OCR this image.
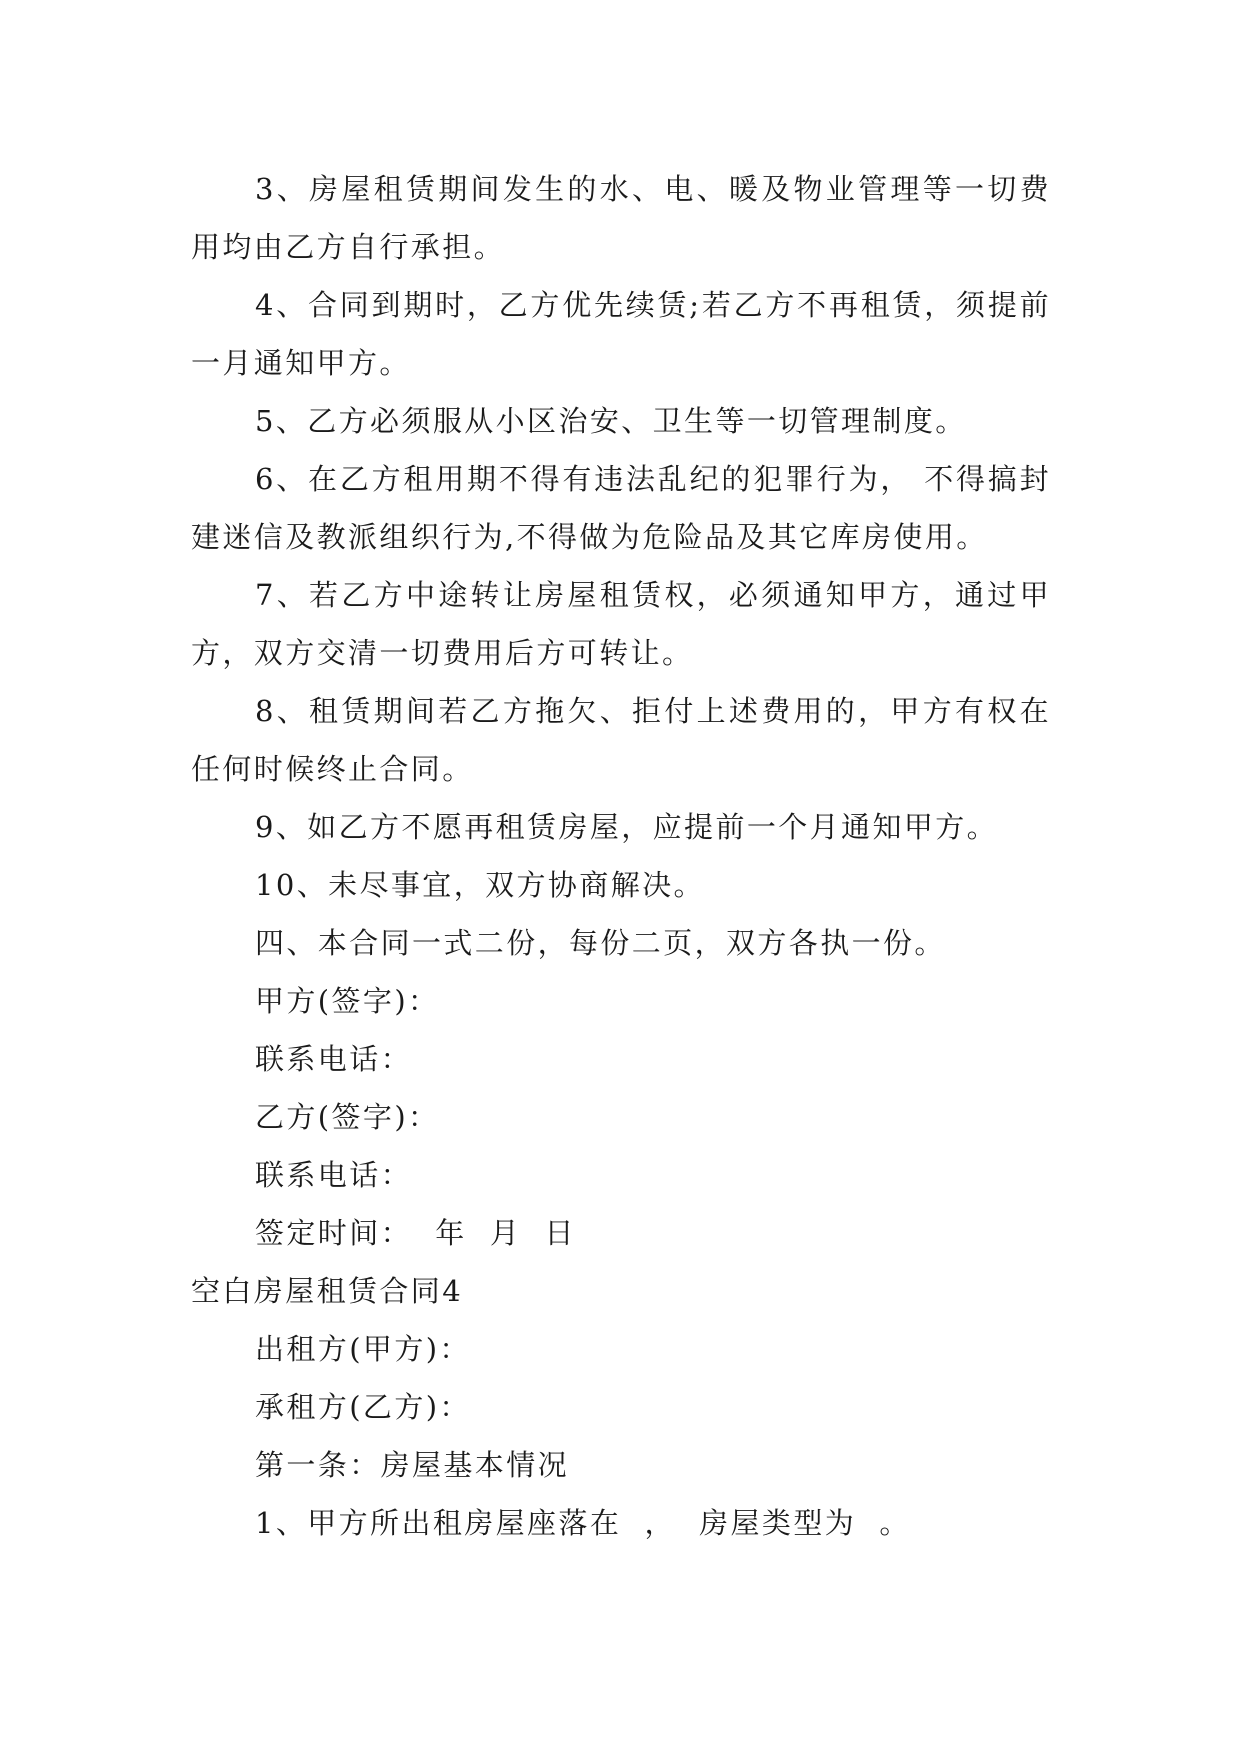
3、房屋租赁期间发生的水、电、暖及物业管理等一切费用均由乙方自行承担。

4、合同到期时，乙方优先续赁;若乙方不再租赁，须提前一月通知甲方。

5、乙方必须服从小区治安、卫生等一切管理制度。

6、在乙方租用期不得有违法乱纪的犯罪行为， 不得搞封建迷信及教派组织行为,不得做为危险品及其它库房使用。

7、若乙方中途转让房屋租赁权，必须通知甲方，通过甲方，双方交清一切费用后方可转让。

8、租赁期间若乙方拖欠、拒付上述费用的，甲方有权在任何时候终止合同。

9、如乙方不愿再租赁房屋，应提前一个月通知甲方。

10、未尽事宜，双方协商解决。

四、本合同一式二份，每份二页，双方各执一份。

甲方(签字)：

联系电话：

乙方(签字)：

联系电话：

签定时间：  年  月  日

空白房屋租赁合同4

出租方(甲方)：

承租方(乙方)：

第一条：房屋基本情况

1、甲方所出租房屋座落在  ，  房屋类型为  。
